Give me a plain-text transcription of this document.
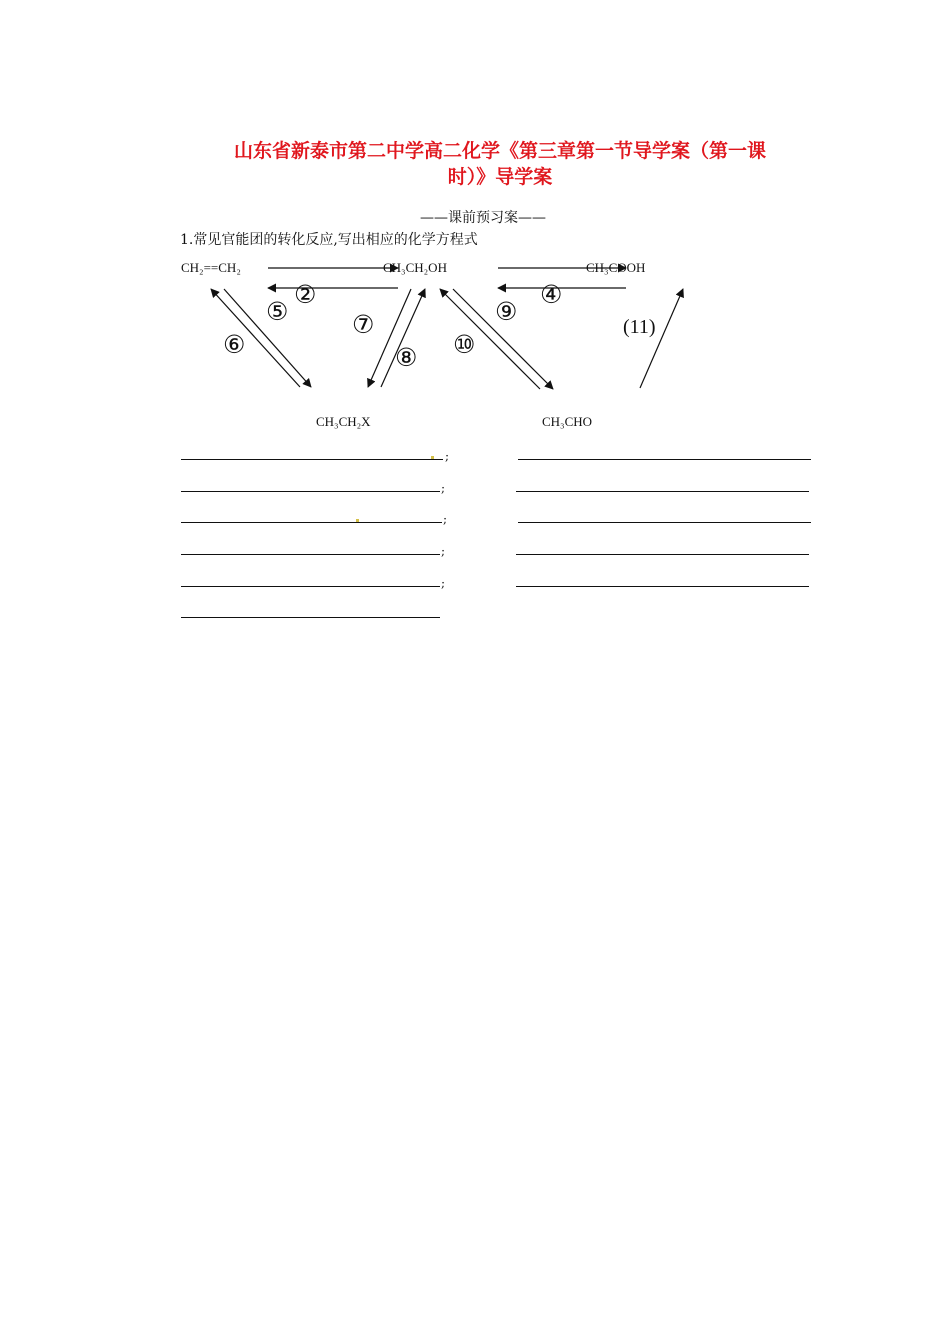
山东省新泰市第二中学高二化学《第三章第一节导学案（第一课
时）》导学案
——课前预习案——
1.常见官能团的转化反应,写出相应的化学方程式
CH₂==CH₂	CH₃CH₂OH	CH₃COOH
CH₃CH₂X	CH₃CHO
②
⑤
⑥
⑦
⑧
⑨
⑩
④
(11)
;
;
;
;
;
